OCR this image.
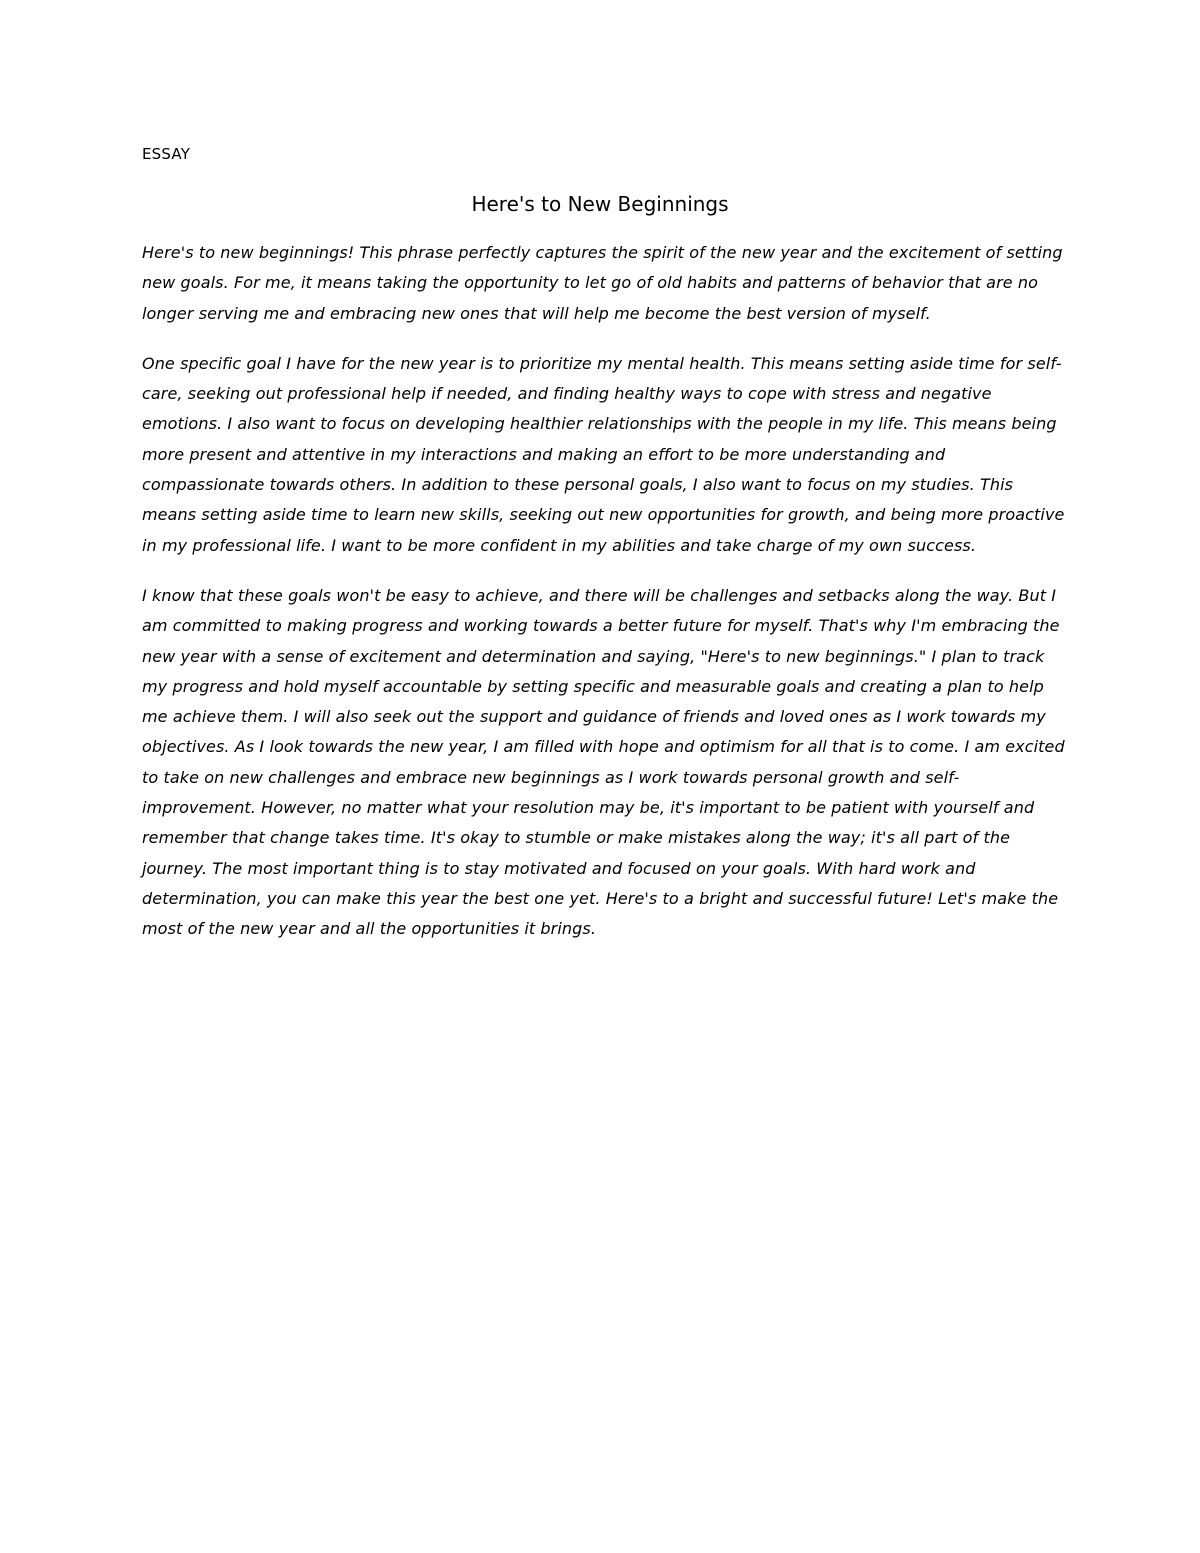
ESSAY
Here's to New Beginnings

Here's to new beginnings! This phrase perfectly captures the spirit of the new year and the excitement of setting new goals. For me, it means taking the opportunity to let go of old habits and patterns of behavior that are no longer serving me and embracing new ones that will help me become the best version of myself.

One specific goal I have for the new year is to prioritize my mental health. This means setting aside time for self-care, seeking out professional help if needed, and finding healthy ways to cope with stress and negative emotions. I also want to focus on developing healthier relationships with the people in my life. This means being more present and attentive in my interactions and making an effort to be more understanding and compassionate towards others. In addition to these personal goals, I also want to focus on my studies. This means setting aside time to learn new skills, seeking out new opportunities for growth, and being more proactive in my professional life. I want to be more confident in my abilities and take charge of my own success.

I know that these goals won't be easy to achieve, and there will be challenges and setbacks along the way. But I am committed to making progress and working towards a better future for myself. That's why I'm embracing the new year with a sense of excitement and determination and saying, "Here's to new beginnings." I plan to track my progress and hold myself accountable by setting specific and measurable goals and creating a plan to help me achieve them. I will also seek out the support and guidance of friends and loved ones as I work towards my objectives. As I look towards the new year, I am filled with hope and optimism for all that is to come. I am excited to take on new challenges and embrace new beginnings as I work towards personal growth and self-improvement. However, no matter what your resolution may be, it's important to be patient with yourself and remember that change takes time. It's okay to stumble or make mistakes along the way; it's all part of the journey. The most important thing is to stay motivated and focused on your goals. With hard work and determination, you can make this year the best one yet. Here's to a bright and successful future! Let's make the most of the new year and all the opportunities it brings.
